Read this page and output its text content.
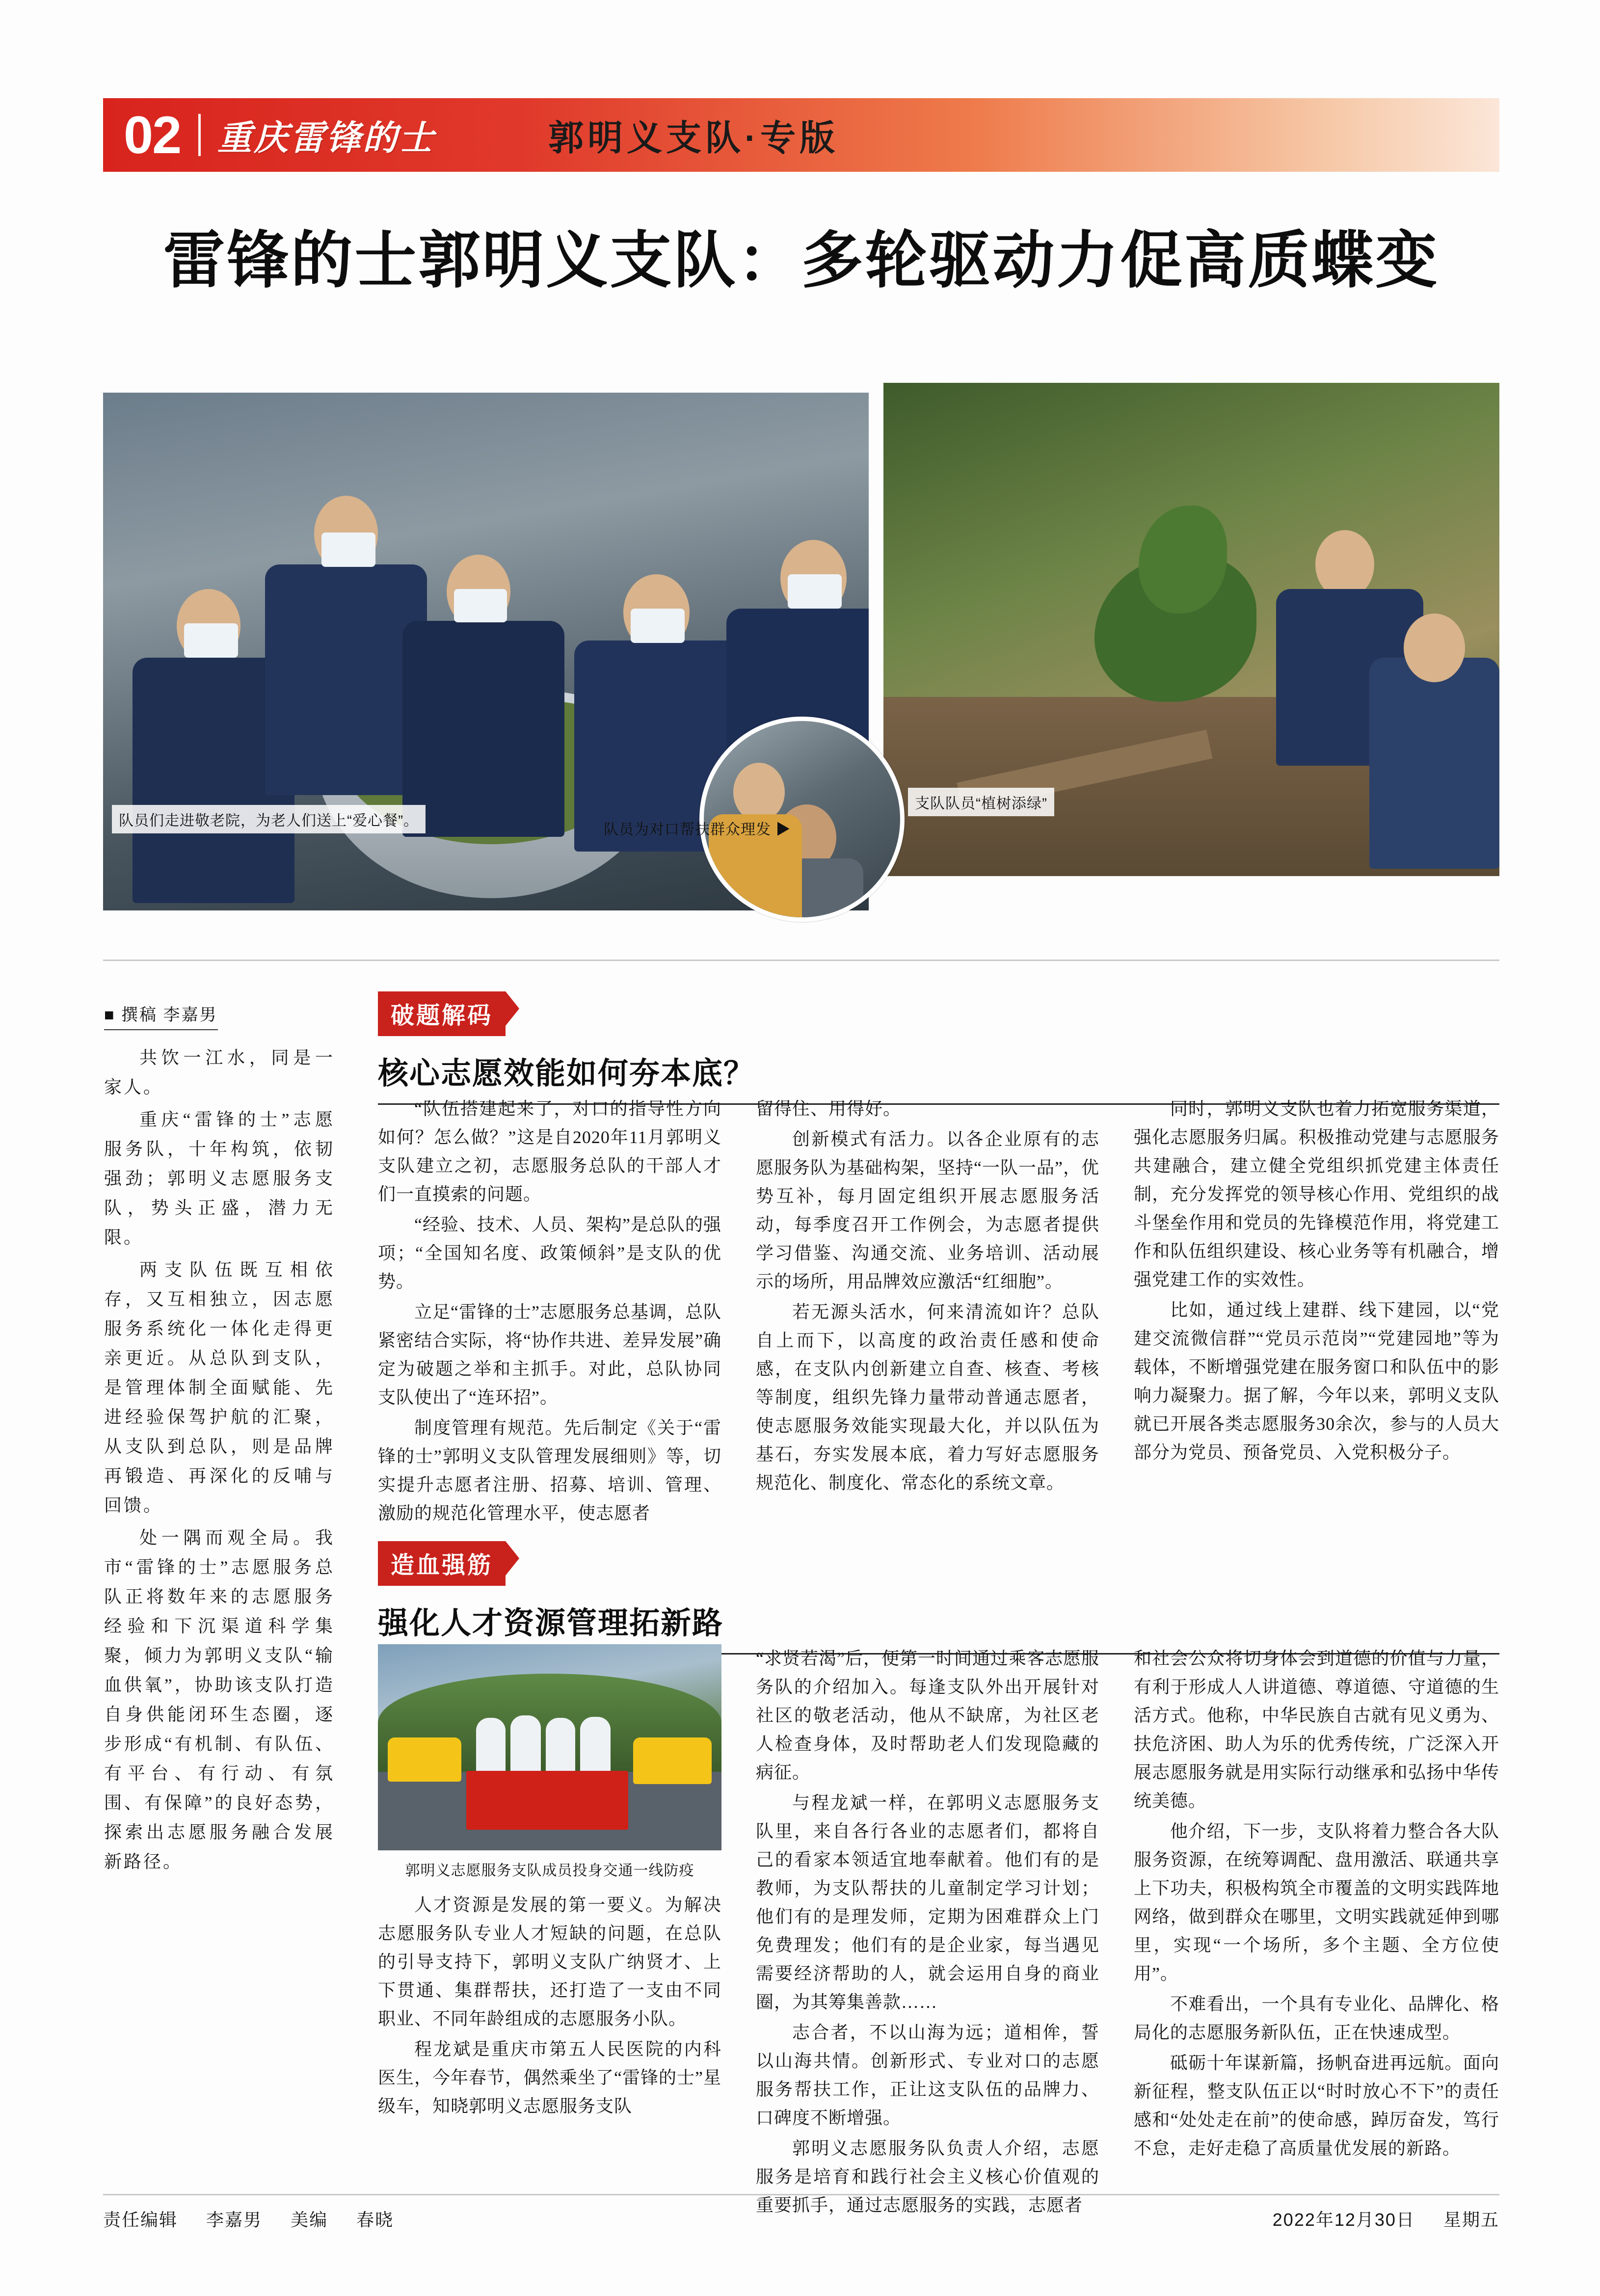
02 重庆雷锋的士	郭明义支队·专版
雷锋的士郭明义支队：多轮驱动力促高质蝶变
队员们走进敬老院，为老人们送上“爱心餐”。
队员为对口帮扶群众理发 ▶
支队队员“植树添绿”
■ 撰稿 李嘉男

共饮一江水，同是一家人。

重庆“雷锋的士”志愿服务队，十年构筑，依韧强劲；郭明义志愿服务支队，势头正盛，潜力无限。

两支队伍既互相依存，又互相独立，因志愿服务系统化一体化走得更亲更近。从总队到支队，是管理体制全面赋能、先进经验保驾护航的汇聚，从支队到总队，则是品牌再锻造、再深化的反哺与回馈。

处一隅而观全局。我市“雷锋的士”志愿服务总队正将数年来的志愿服务经验和下沉渠道科学集聚，倾力为郭明义支队“输血供氧”，协助该支队打造自身供能闭环生态圈，逐步形成“有机制、有队伍、有平台、有行动、有氛围、有保障”的良好态势，探索出志愿服务融合发展新路径。

破题解码
核心志愿效能如何夯本底？

“队伍搭建起来了，对口的指导性方向如何？怎么做？”这是自2020年11月郭明义支队建立之初，志愿服务总队的干部人才们一直摸索的问题。

“经验、技术、人员、架构”是总队的强项；“全国知名度、政策倾斜”是支队的优势。

立足“雷锋的士”志愿服务总基调，总队紧密结合实际，将“协作共进、差异发展”确定为破题之举和主抓手。对此，总队协同支队使出了“连环招”。

制度管理有规范。先后制定《关于“雷锋的士”郭明义支队管理发展细则》等，切实提升志愿者注册、招募、培训、管理、激励的规范化管理水平，使志愿者

留得住、用得好。

创新模式有活力。以各企业原有的志愿服务队为基础构架，坚持“一队一品”，优势互补，每月固定组织开展志愿服务活动，每季度召开工作例会，为志愿者提供学习借鉴、沟通交流、业务培训、活动展示的场所，用品牌效应激活“红细胞”。

若无源头活水，何来清流如许？总队自上而下，以高度的政治责任感和使命感，在支队内创新建立自查、核查、考核等制度，组织先锋力量带动普通志愿者，使志愿服务效能实现最大化，并以队伍为基石，夯实发展本底，着力写好志愿服务规范化、制度化、常态化的系统文章。

同时，郭明义支队也着力拓宽服务渠道，强化志愿服务归属。积极推动党建与志愿服务共建融合，建立健全党组织抓党建主体责任制，充分发挥党的领导核心作用、党组织的战斗堡垒作用和党员的先锋模范作用，将党建工作和队伍组织建设、核心业务等有机融合，增强党建工作的实效性。

比如，通过线上建群、线下建园，以“党建交流微信群”“党员示范岗”“党建园地”等为载体，不断增强党建在服务窗口和队伍中的影响力凝聚力。据了解，今年以来，郭明义支队就已开展各类志愿服务30余次，参与的人员大部分为党员、预备党员、入党积极分子。

造血强筋
强化人才资源管理拓新路
郭明义志愿服务支队成员投身交通一线防疫

人才资源是发展的第一要义。为解决志愿服务队专业人才短缺的问题，在总队的引导支持下，郭明义支队广纳贤才、上下贯通、集群帮扶，还打造了一支由不同职业、不同年龄组成的志愿服务小队。

程龙斌是重庆市第五人民医院的内科医生，今年春节，偶然乘坐了“雷锋的士”星级车，知晓郭明义志愿服务支队

“求贤若渴”后，便第一时间通过乘客志愿服务队的介绍加入。每逢支队外出开展针对社区的敬老活动，他从不缺席，为社区老人检查身体，及时帮助老人们发现隐藏的病征。

与程龙斌一样，在郭明义志愿服务支队里，来自各行各业的志愿者们，都将自己的看家本领适宜地奉献着。他们有的是教师，为支队帮扶的儿童制定学习计划；他们有的是理发师，定期为困难群众上门免费理发；他们有的是企业家，每当遇见需要经济帮助的人，就会运用自身的商业圈，为其筹集善款……

志合者，不以山海为远；道相侔，誓以山海共情。创新形式、专业对口的志愿服务帮扶工作，正让这支队伍的品牌力、口碑度不断增强。

郭明义志愿服务队负责人介绍，志愿服务是培育和践行社会主义核心价值观的重要抓手，通过志愿服务的实践，志愿者

和社会公众将切身体会到道德的价值与力量，有利于形成人人讲道德、尊道德、守道德的生活方式。他称，中华民族自古就有见义勇为、扶危济困、助人为乐的优秀传统，广泛深入开展志愿服务就是用实际行动继承和弘扬中华传统美德。

他介绍，下一步，支队将着力整合各大队服务资源，在统筹调配、盘用激活、联通共享上下功夫，积极构筑全市覆盖的文明实践阵地网络，做到群众在哪里，文明实践就延伸到哪里，实现“一个场所，多个主题、全方位使用”。

不难看出，一个具有专业化、品牌化、格局化的志愿服务新队伍，正在快速成型。

砥砺十年谋新篇，扬帆奋进再远航。面向新征程，整支队伍正以“时时放心不下”的责任感和“处处走在前”的使命感，踔厉奋发，笃行不怠，走好走稳了高质量优发展的新路。

责任编辑 李嘉男 美编 春晓	2022年12月30日 星期五
